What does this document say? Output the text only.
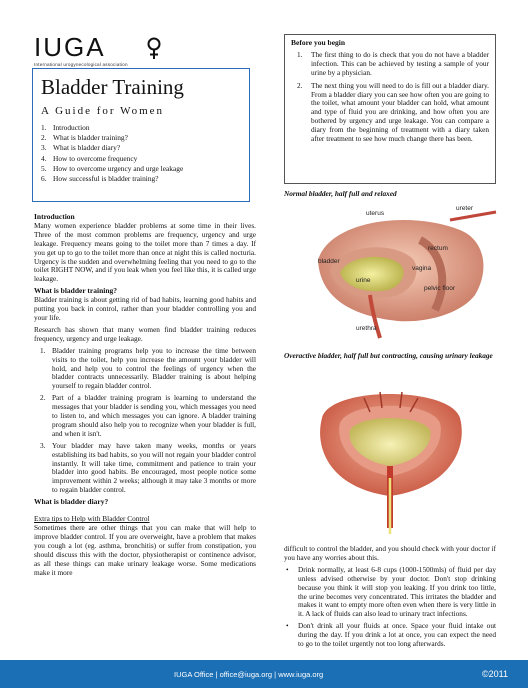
IUGA
International urogynecological association
Bladder Training
A Guide for Women
1. Introduction
2. What is bladder training?
3. What is bladder diary?
4. How to overcome frequency
5. How to overcome urgency and urge leakage
6. How successful is bladder training?
Introduction

Many women experience bladder problems at some time in their lives. Three of the most common problems are frequency, urgency and urge leakage. Frequency means going to the toilet more than 7 times a day. If you get up to go to the toilet more than once at night this is called nocturia. Urgency is the sudden and overwhelming feeling that you need to go to the toilet RIGHT NOW, and if you leak when you feel like this, it is called urge leakage.

What is bladder training?

Bladder training is about getting rid of bad habits, learning good habits and putting you back in control, rather than your bladder controlling you and your life.

Research has shown that many women find bladder training reduces frequency, urgency and urge leakage.

1. Bladder training programs help you to increase the time between visits to the toilet, help you increase the amount your bladder will hold, and help you to control the feelings of urgency when the bladder contracts unnecessarily. Bladder training is about helping yourself to regain bladder control.
2. Part of a bladder training program is learning to understand the messages that your bladder is sending you, which messages you need to listen to, and which messages you can ignore. A bladder training program should also help you to recognize when your bladder is full, and when it isn't.
3. Your bladder may have taken many weeks, months or years establishing its bad habits, so you will not regain your bladder control instantly. It will take time, commitment and patience to train your bladder into good habits. Be encouraged, most people notice some improvement within 2 weeks; although it may take 3 months or more to regain bladder control.
What is bladder diary?
Extra tips to Help with Bladder Control

Sometimes there are other things that you can make that will help to improve bladder control. If you are overweight, have a problem that makes you cough a lot (eg. asthma, bronchitis) or suffer from constipation, you should discuss this with the doctor, physiotherapist or continence advisor, as all these things can make urinary leakage worse. Some medications make it more

Before you begin
1.	The first thing to do is check that you do not have a bladder infection. This can be achieved by testing a sample of your urine by a physician.
2.	The next thing you will need to do is fill out a bladder diary. From a bladder diary you can see how often you are going to the toilet, what amount your bladder can hold, what amount and type of fluid you are drinking, and how often you are bothered by urgency and urge leakage. You can compare a diary from the beginning of treatment with a diary taken after treatment to see how much change there has been.
Normal bladder, half full and relaxed
uterus
ureter
bladder
rectum
vagina
urine
pelvic floor
urethra
Overactive bladder, half full but contracting, causing urinary leakage

difficult to control the bladder, and you should check with your doctor if you have any worries about this.

•	Drink normally, at least 6-8 cups (1000-1500mls) of fluid per day unless advised otherwise by your doctor. Don't stop drinking because you think it will stop you leaking. If you drink too little, the urine becomes very concentrated. This irritates the bladder and makes it want to empty more often even when there is very little in it. A lack of fluids can also lead to urinary tract infections.
•	Don't drink all your fluids at once. Space your fluid intake out during the day. If you drink a lot at once, you can expect the need to go to the toilet urgently not too long afterwards.
IUGA Office | office@iuga.org | www.iuga.org	©2011
